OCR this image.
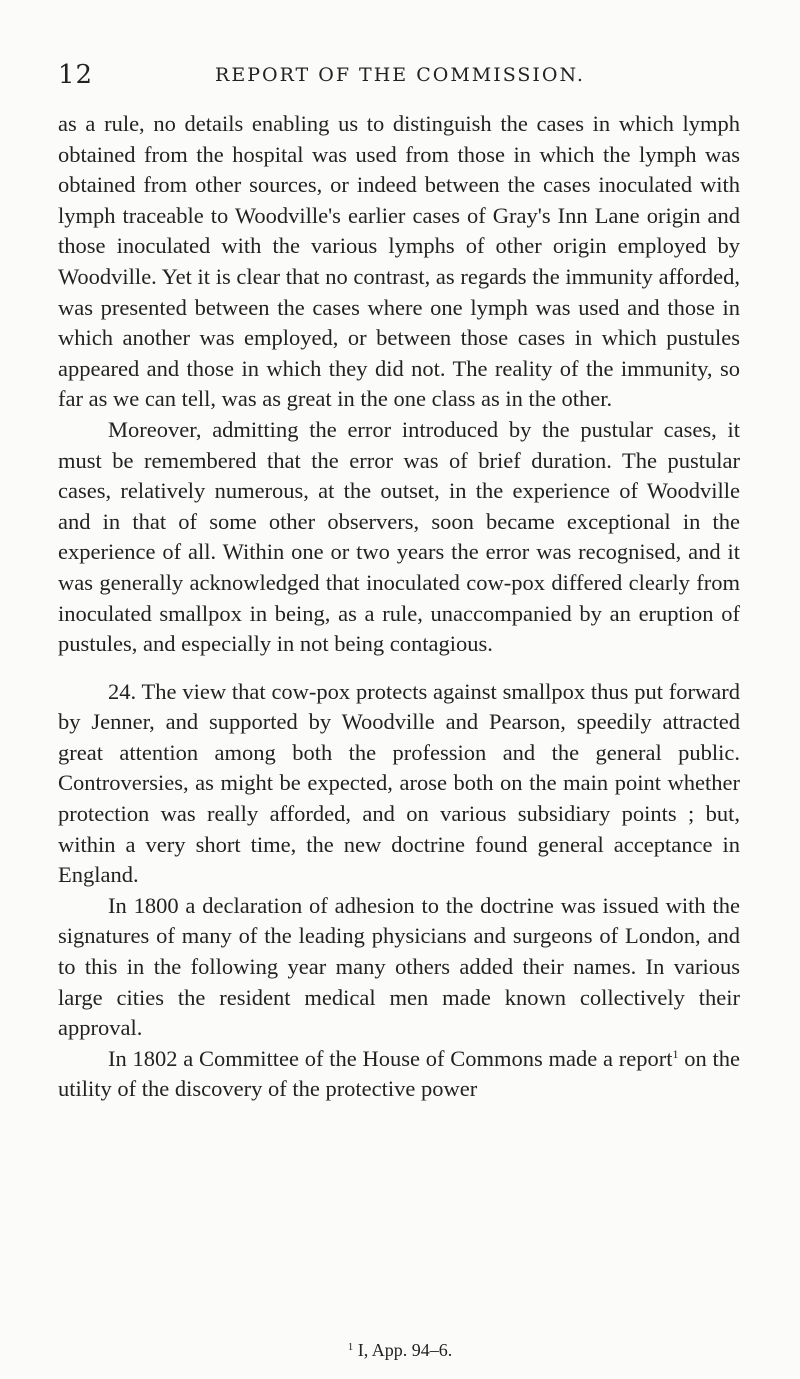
12	REPORT OF THE COMMISSION.

as a rule, no details enabling us to distinguish the cases in which lymph obtained from the hospital was used from those in which the lymph was obtained from other sources, or indeed between the cases inoculated with lymph traceable to Woodville's earlier cases of Gray's Inn Lane origin and those inoculated with the various lymphs of other origin employed by Woodville. Yet it is clear that no contrast, as regards the immunity afforded, was presented between the cases where one lymph was used and those in which another was employed, or between those cases in which pustules appeared and those in which they did not. The reality of the immunity, so far as we can tell, was as great in the one class as in the other.

Moreover, admitting the error introduced by the pustular cases, it must be remembered that the error was of brief duration. The pustular cases, relatively numerous, at the outset, in the experience of Woodville and in that of some other observers, soon became exceptional in the experience of all. Within one or two years the error was recognised, and it was generally acknowledged that inoculated cow-pox differed clearly from inoculated smallpox in being, as a rule, unaccompanied by an eruption of pustules, and especially in not being contagious.

24. The view that cow-pox protects against smallpox thus put forward by Jenner, and supported by Woodville and Pearson, speedily attracted great attention among both the profession and the general public. Controversies, as might be expected, arose both on the main point whether protection was really afforded, and on various subsidiary points ; but, within a very short time, the new doctrine found general acceptance in England.

In 1800 a declaration of adhesion to the doctrine was issued with the signatures of many of the leading physicians and surgeons of London, and to this in the following year many others added their names. In various large cities the resident medical men made known collectively their approval.

In 1802 a Committee of the House of Commons made a report$^1$ on the utility of the discovery of the protective power

$^1$ I, App. 94–6.
